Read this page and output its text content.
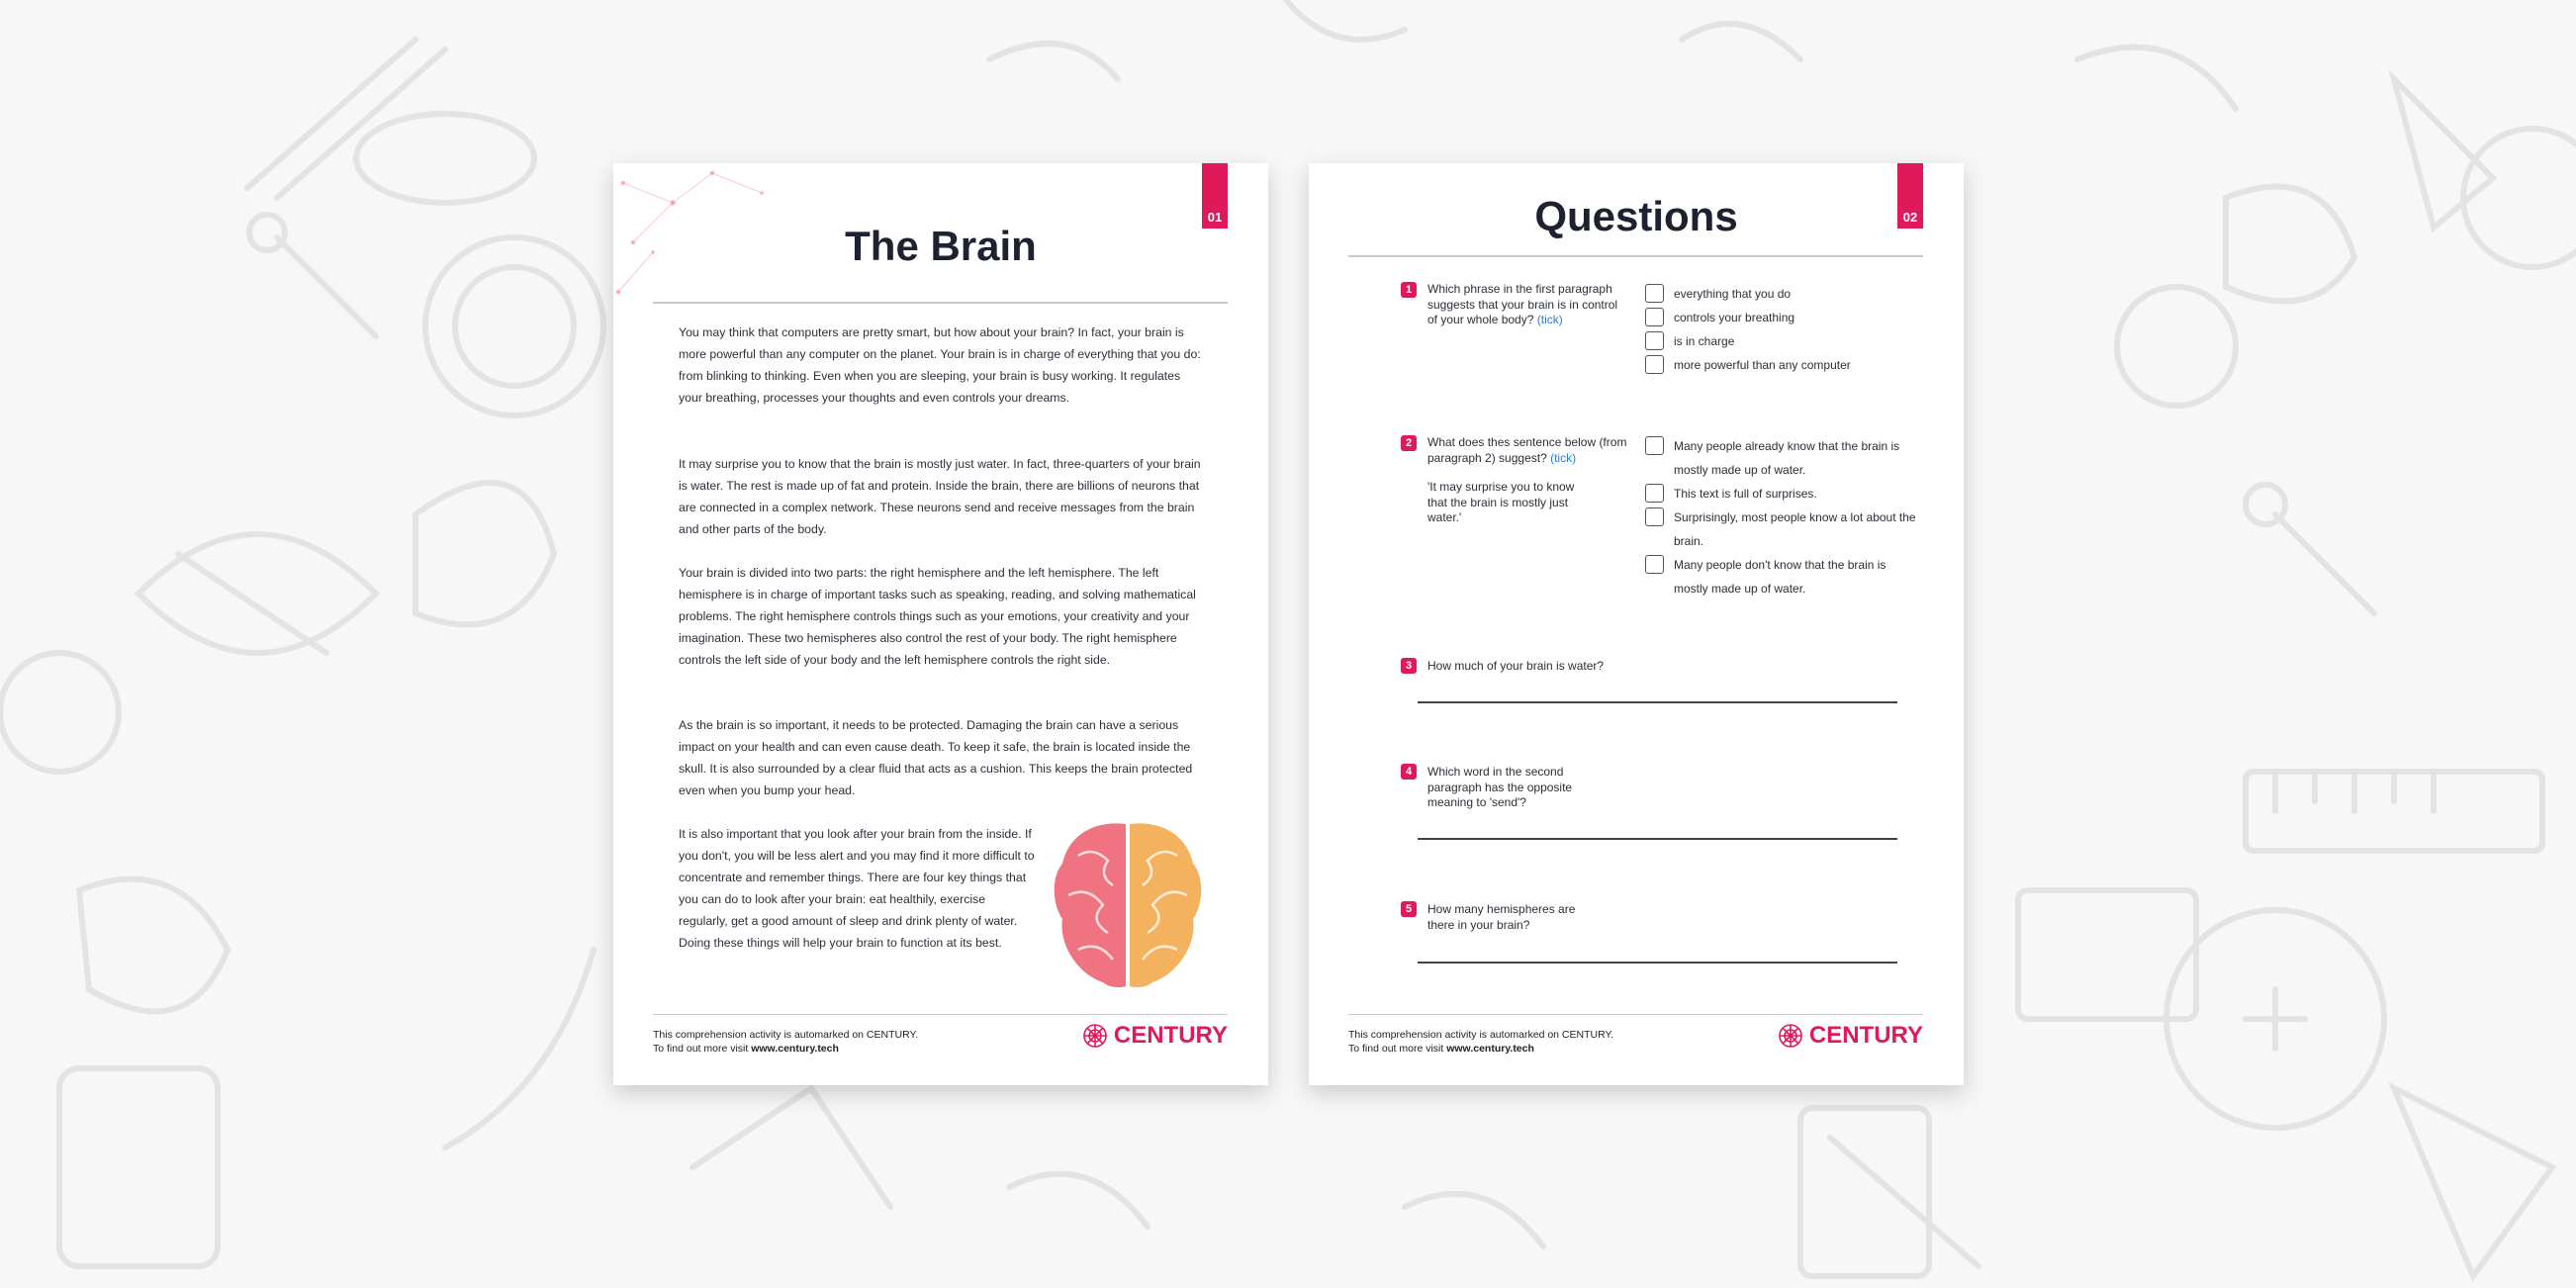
01
The Brain

You may think that computers are pretty smart, but how about your brain? In fact, your brain is more powerful than any computer on the planet. Your brain is in charge of everything that you do: from blinking to thinking. Even when you are sleeping, your brain is busy working. It regulates your breathing, processes your thoughts and even controls your dreams.

It may surprise you to know that the brain is mostly just water. In fact, three-quarters of your brain is water. The rest is made up of fat and protein. Inside the brain, there are billions of neurons that are connected in a complex network. These neurons send and receive messages from the brain and other parts of the body.

Your brain is divided into two parts: the right hemisphere and the left hemisphere. The left hemisphere is in charge of important tasks such as speaking, reading, and solving mathematical problems. The right hemisphere controls things such as your emotions, your creativity and your imagination. These two hemispheres also control the rest of your body. The right hemisphere controls the left side of your body and the left hemisphere controls the right side.

As the brain is so important, it needs to be protected. Damaging the brain can have a serious impact on your health and can even cause death. To keep it safe, the brain is located inside the skull. It is also surrounded by a clear fluid that acts as a cushion. This keeps the brain protected even when you bump your head.

It is also important that you look after your brain from the inside. If you don't, you will be less alert and you may find it more difficult to concentrate and remember things. There are four key things that you can do to look after your brain: eat healthily, exercise regularly, get a good amount of sleep and drink plenty of water. Doing these things will help your brain to function at its best.

This comprehension activity is automarked on CENTURY.
To find out more visit www.century.tech	CENTURY
02
Questions
1	Which phrase in the first paragraph suggests that your brain is in control of your whole body? (tick)
everything that you do
controls your breathing
is in charge
more powerful than any computer
2	What does thes sentence below (from paragraph 2) suggest? (tick)
'It may surprise you to know that the brain is mostly just water.'
Many people already know that the brain is mostly made up of water.
This text is full of surprises.
Surprisingly, most people know a lot about the brain.
Many people don't know that the brain is mostly made up of water.
3	How much of your brain is water?
4	Which word in the second paragraph has the opposite meaning to 'send'?
5	How many hemispheres are there in your brain?
This comprehension activity is automarked on CENTURY.
To find out more visit www.century.tech	CENTURY
